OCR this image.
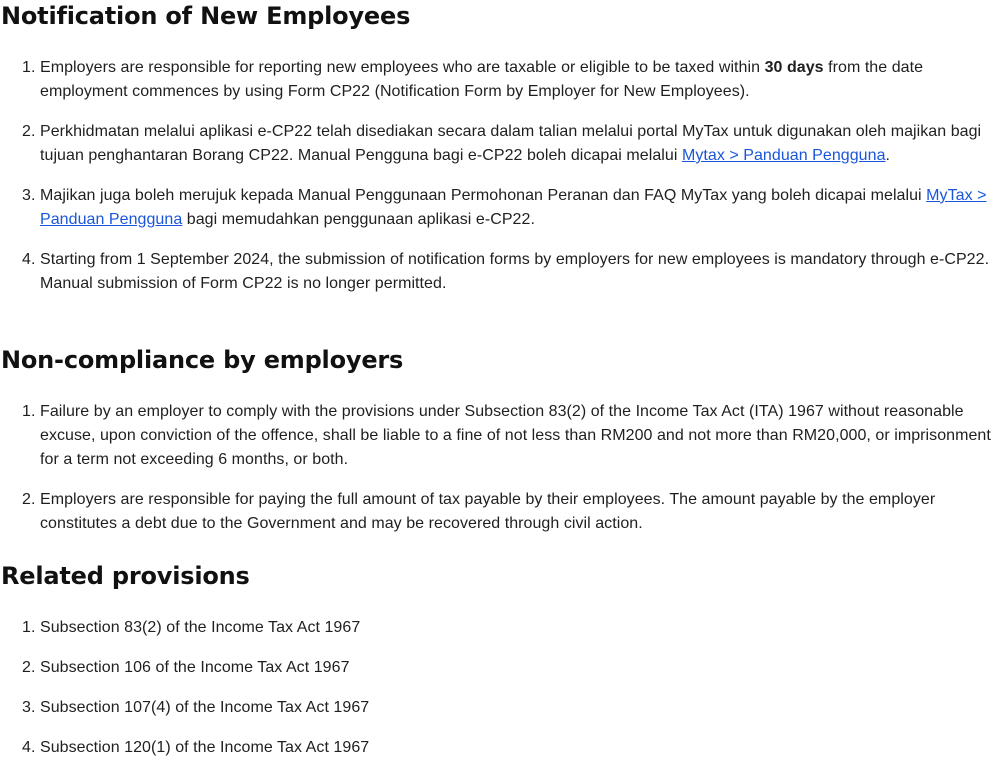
Notification of New Employees
Employers are responsible for reporting new employees who are taxable or eligible to be taxed within 30 days from the date employment commences by using Form CP22 (Notification Form by Employer for New Employees).
Perkhidmatan melalui aplikasi e-CP22 telah disediakan secara dalam talian melalui portal MyTax untuk digunakan oleh majikan bagi tujuan penghantaran Borang CP22. Manual Pengguna bagi e-CP22 boleh dicapai melalui Mytax > Panduan Pengguna.
Majikan juga boleh merujuk kepada Manual Penggunaan Permohonan Peranan dan FAQ MyTax yang boleh dicapai melalui MyTax > Panduan Pengguna bagi memudahkan penggunaan aplikasi e-CP22.
Starting from 1 September 2024, the submission of notification forms by employers for new employees is mandatory through e-CP22. Manual submission of Form CP22 is no longer permitted.
Non-compliance by employers
Failure by an employer to comply with the provisions under Subsection 83(2) of the Income Tax Act (ITA) 1967 without reasonable excuse, upon conviction of the offence, shall be liable to a fine of not less than RM200 and not more than RM20,000, or imprisonment for a term not exceeding 6 months, or both.
Employers are responsible for paying the full amount of tax payable by their employees. The amount payable by the employer constitutes a debt due to the Government and may be recovered through civil action.
Related provisions
Subsection 83(2) of the Income Tax Act 1967
Subsection 106 of the Income Tax Act 1967
Subsection 107(4) of the Income Tax Act 1967
Subsection 120(1) of the Income Tax Act 1967
